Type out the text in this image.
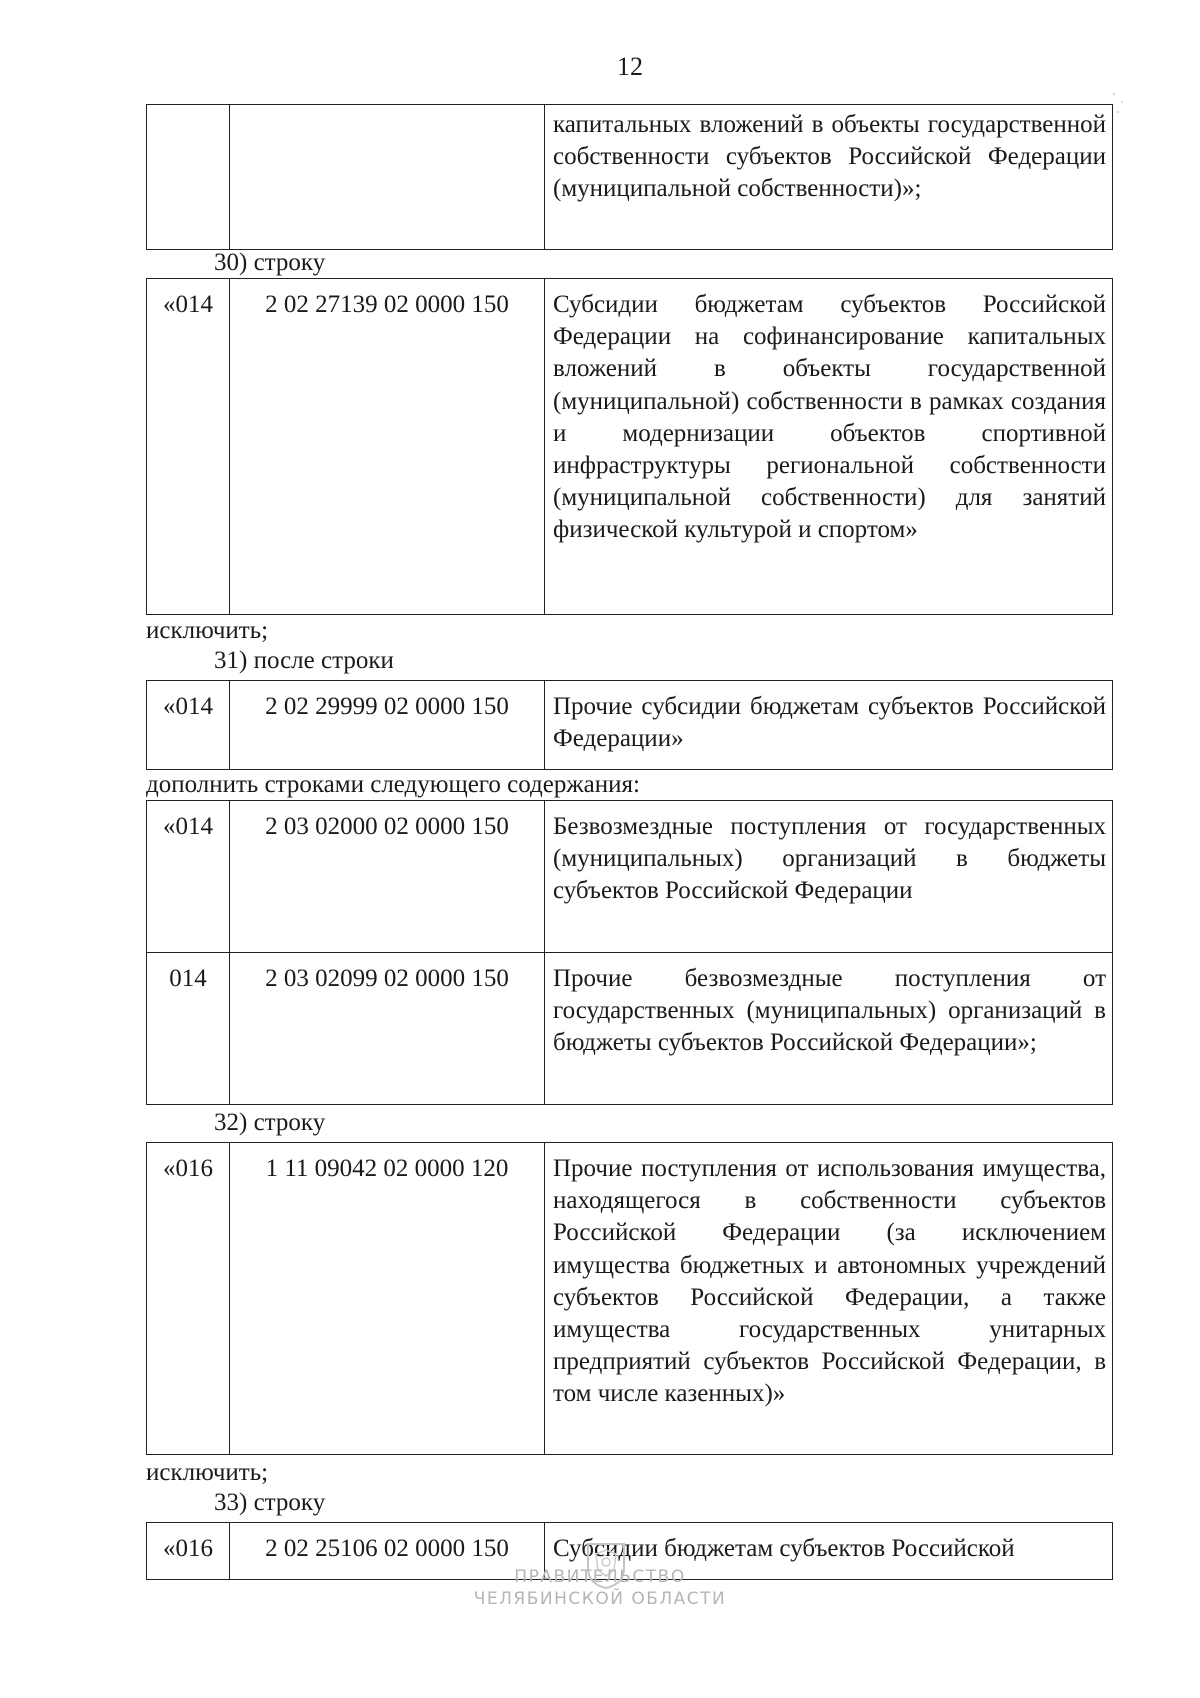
12
		капитальных вложений в объекты государственной собственности субъектов Российской Федерации (муниципальной собственности)»;
30) строку
«014	2 02 27139 02 0000 150	Субсидии бюджетам субъектов Российской Федерации на софинансирование капитальных вложений в объекты государственной (муниципальной) собственности в рамках создания и модернизации объектов спортивной инфраструктуры региональной собственности (муниципальной собственности) для занятий физической культурой и спортом»
исключить;
31) после строки
«014	2 02 29999 02 0000 150	Прочие субсидии бюджетам субъектов Российской Федерации»
дополнить строками следующего содержания:
«014	2 03 02000 02 0000 150	Безвозмездные поступления от государственных (муниципальных) организаций в бюджеты субъектов Российской Федерации
014	2 03 02099 02 0000 150	Прочие безвозмездные поступления от государственных (муниципальных) организаций в бюджеты субъектов Российской Федерации»;
32) строку
«016	1 11 09042 02 0000 120	Прочие поступления от использования имущества, находящегося в собственности субъектов Российской Федерации (за исключением имущества бюджетных и автономных учреждений субъектов Российской Федерации, а также имущества государственных унитарных предприятий субъектов Российской Федерации, в том числе казенных)»
исключить;
33) строку
«016	2 02 25106 02 0000 150	Субсидии бюджетам субъектов Российской
ПРАВИТЕЛЬСТВО
ЧЕЛЯБИНСКОЙ ОБЛАСТИ
